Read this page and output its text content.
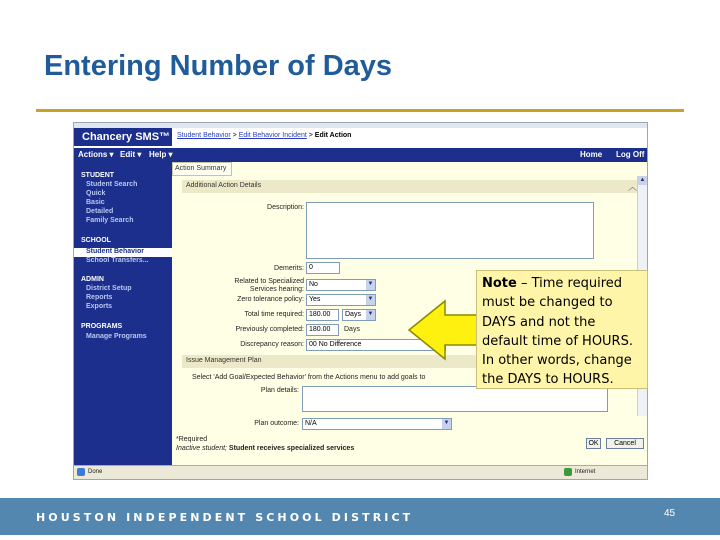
Entering Number of Days
Chancery SMS™ Student Behavior > Edit Behavior Incident > Edit Action
Actions ▾ Edit ▾ Help ▾	Home Log Off
STUDENT
Student Search
Quick
Basic
Detailed
Family Search
SCHOOL
Student Behavior
School Transfers...
ADMIN
District Setup
Reports
Exports
PROGRAMS
Manage Programs
Action Summary
Additional Action Details	︿
▲
Description:
Demerits: 0
Related to Specialized
Services hearing:
No	▼
Zero tolerance policy: Yes	▼
Total time required: 180.00	Days ▼
Previously completed: 180.00	Days
Discrepancy reason: 00 No Difference
Issue Management Plan
Select 'Add Goal/Expected Behavior' from the Actions menu to add goals to
Plan details:
Plan outcome: N/A	▼
*Required
Inactive student; Student receives specialized services
OK	Cancel
Done	Internet
Note – Time required must be changed to DAYS and not the default time of HOURS. In other words, change the DAYS to HOURS.
HOUSTON INDEPENDENT SCHOOL DISTRICT	45
